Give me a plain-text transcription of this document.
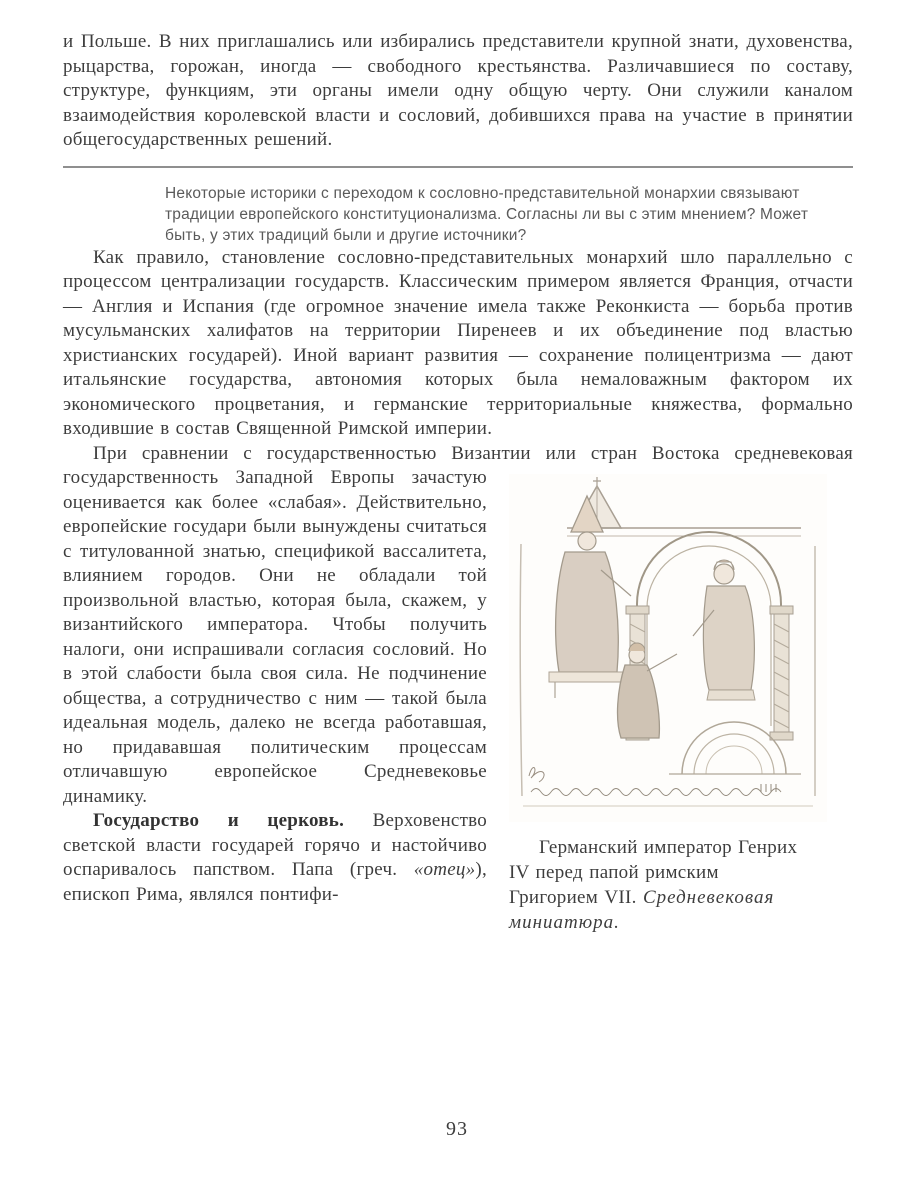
и Польше. В них приглашались или избирались представители крупной знати, духовенства, рыцарства, горожан, иногда — свободного крестьянства. Различавшиеся по составу, структуре, функциям, эти органы имели одну общую черту. Они служили каналом взаимодействия королевской власти и сословий, добившихся права на участие в принятии общегосударственных решений.

Некоторые историки с переходом к сословно-представительной монархии связывают традиции европейского конституционализма. Согласны ли вы с этим мнением? Может быть, у этих традиций были и другие источники?

Как правило, становление сословно-представительных монархий шло параллельно с процессом централизации государств. Классическим примером является Франция, отчасти — Англия и Испания (где огромное значение имела также Реконкиста — борьба против мусульманских халифатов на территории Пиренеев и их объединение под властью христианских государей). Иной вариант развития — сохранение полицентризма — дают итальянские государства, автономия которых была немаловажным фактором их экономического процветания, и германские территориальные княжества, формально входившие в состав Священной Римской империи.

При сравнении с государственностью Византии или стран Востока средневековая государственность Западной Европы
Германский император Генрих IV перед папой римским Григорием VII. Средневековая миниатюра.
зачастую оценивается как более «слабая». Действительно, европейские государи были вынуждены считаться с титулованной знатью, спецификой вассалитета, влиянием городов. Они не обладали той произвольной властью, которая была, скажем, у византийского императора. Чтобы получить налоги, они испрашивали согласия сословий. Но в этой слабости была своя сила. Не подчинение общества, а сотрудничество с ним — такой была идеальная модель, далеко не всегда работавшая, но придававшая политическим процессам отличавшую европейское Средневековье динамику.

Государство и церковь. Верховенство светской власти государей горячо и настойчиво оспаривалось папством. Папа (греч. «отец»), епископ Рима, являлся понтифи-

93
